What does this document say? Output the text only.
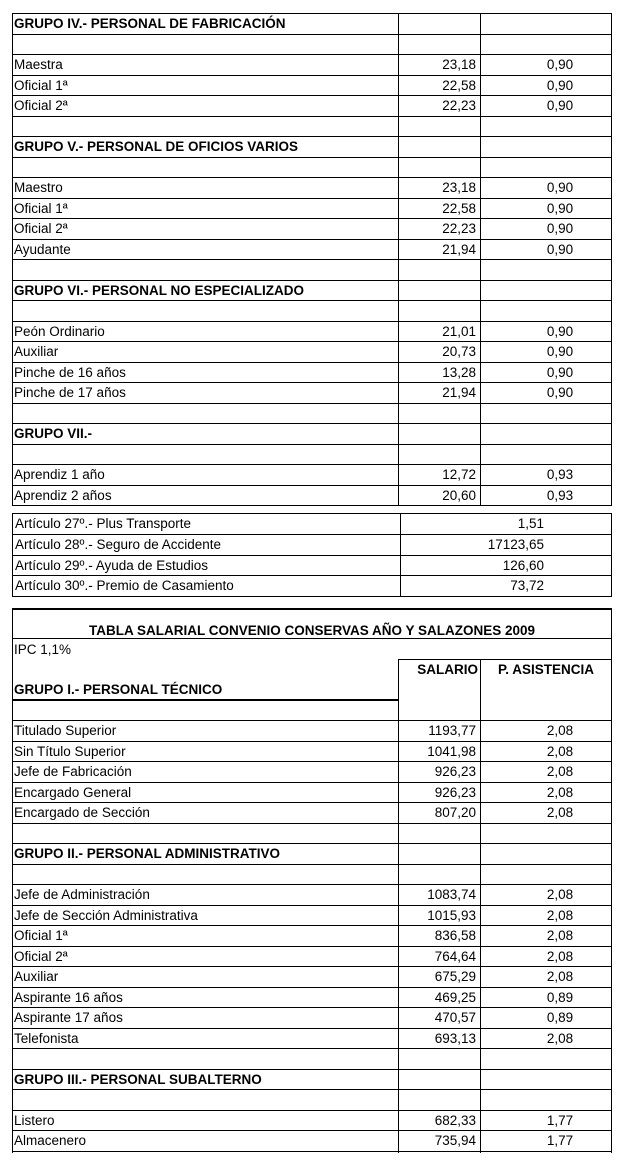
GRUPO IV.- PERSONAL DE FABRICACIÓN
Maestra	23,18	0,90
Oficial 1ª	22,58	0,90
Oficial 2ª	22,23	0,90
GRUPO V.- PERSONAL DE OFICIOS VARIOS
Maestro	23,18	0,90
Oficial 1ª	22,58	0,90
Oficial 2ª	22,23	0,90
Ayudante	21,94	0,90
GRUPO VI.- PERSONAL NO ESPECIALIZADO
Peón Ordinario	21,01	0,90
Auxiliar	20,73	0,90
Pinche de 16 años	13,28	0,90
Pinche de 17 años	21,94	0,90
GRUPO VII.-
Aprendiz 1 año	12,72	0,93
Aprendiz 2 años	20,60	0,93
Artículo 27º.- Plus Transporte	1,51
Artículo 28º.- Seguro de Accidente	17123,65
Artículo 29º.- Ayuda de Estudios	126,60
Artículo 30º.- Premio de Casamiento	73,72
TABLA SALARIAL CONVENIO CONSERVAS AÑO Y SALAZONES 2009
IPC 1,1%
SALARIO	P. ASISTENCIA
GRUPO I.- PERSONAL TÉCNICO
Titulado Superior	1193,77	2,08
Sin Título Superior	1041,98	2,08
Jefe de Fabricación	926,23	2,08
Encargado General	926,23	2,08
Encargado de Sección	807,20	2,08
GRUPO II.- PERSONAL ADMINISTRATIVO
Jefe de Administración	1083,74	2,08
Jefe de Sección Administrativa	1015,93	2,08
Oficial 1ª	836,58	2,08
Oficial 2ª	764,64	2,08
Auxiliar	675,29	2,08
Aspirante 16 años	469,25	0,89
Aspirante 17 años	470,57	0,89
Telefonista	693,13	2,08
GRUPO III.- PERSONAL SUBALTERNO
Listero	682,33	1,77
Almacenero	735,94	1,77
